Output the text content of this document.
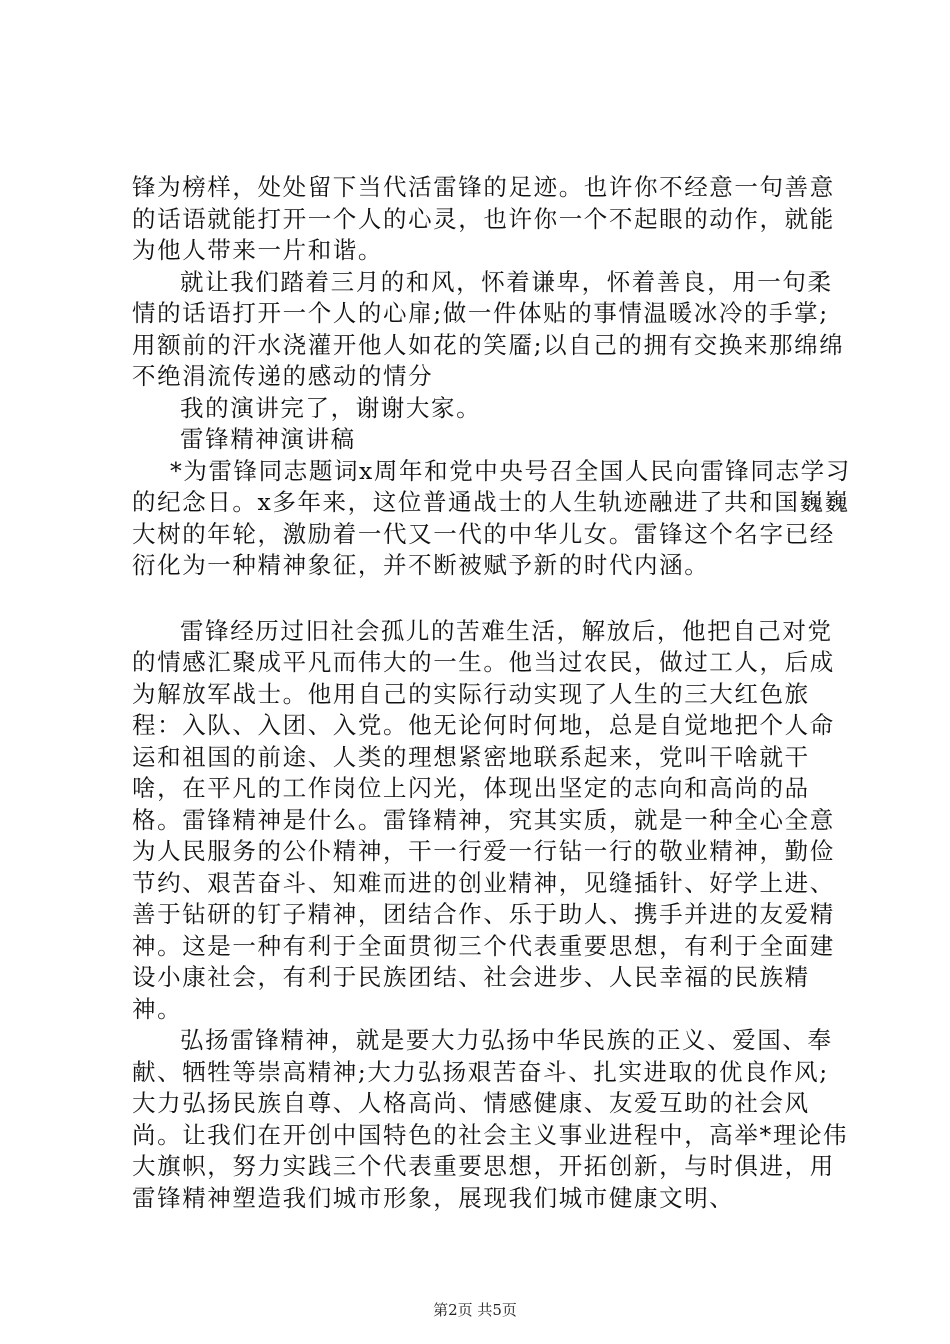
锋为榜样，处处留下当代活雷锋的足迹。也许你不经意一句善意的话语就能打开一个人的心灵，也许你一个不起眼的动作，就能为他人带来一片和谐。

就让我们踏着三月的和风，怀着谦卑，怀着善良，用一句柔情的话语打开一个人的心扉;做一件体贴的事情温暖冰冷的手掌;用额前的汗水浇灌开他人如花的笑靥;以自己的拥有交换来那绵绵不绝涓流传递的感动的情分

我的演讲完了，谢谢大家。

雷锋精神演讲稿

*为雷锋同志题词x周年和党中央号召全国人民向雷锋同志学习的纪念日。x多年来，这位普通战士的人生轨迹融进了共和国巍巍大树的年轮，激励着一代又一代的中华儿女。雷锋这个名字已经衍化为一种精神象征，并不断被赋予新的时代内涵。

雷锋经历过旧社会孤儿的苦难生活，解放后，他把自己对党的情感汇聚成平凡而伟大的一生。他当过农民，做过工人，后成为解放军战士。他用自己的实际行动实现了人生的三大红色旅程：入队、入团、入党。他无论何时何地，总是自觉地把个人命运和祖国的前途、人类的理想紧密地联系起来，党叫干啥就干啥，在平凡的工作岗位上闪光，体现出坚定的志向和高尚的品格。雷锋精神是什么。雷锋精神，究其实质，就是一种全心全意为人民服务的公仆精神，干一行爱一行钻一行的敬业精神，勤俭节约、艰苦奋斗、知难而进的创业精神，见缝插针、好学上进、善于钻研的钉子精神，团结合作、乐于助人、携手并进的友爱精神。这是一种有利于全面贯彻三个代表重要思想，有利于全面建设小康社会，有利于民族团结、社会进步、人民幸福的民族精神。

弘扬雷锋精神，就是要大力弘扬中华民族的正义、爱国、奉献、牺牲等崇高精神;大力弘扬艰苦奋斗、扎实进取的优良作风;大力弘扬民族自尊、人格高尚、情感健康、友爱互助的社会风尚。让我们在开创中国特色的社会主义事业进程中，高举*理论伟大旗帜，努力实践三个代表重要思想，开拓创新，与时俱进，用雷锋精神塑造我们城市形象，展现我们城市健康文明、

第2页 共5页
